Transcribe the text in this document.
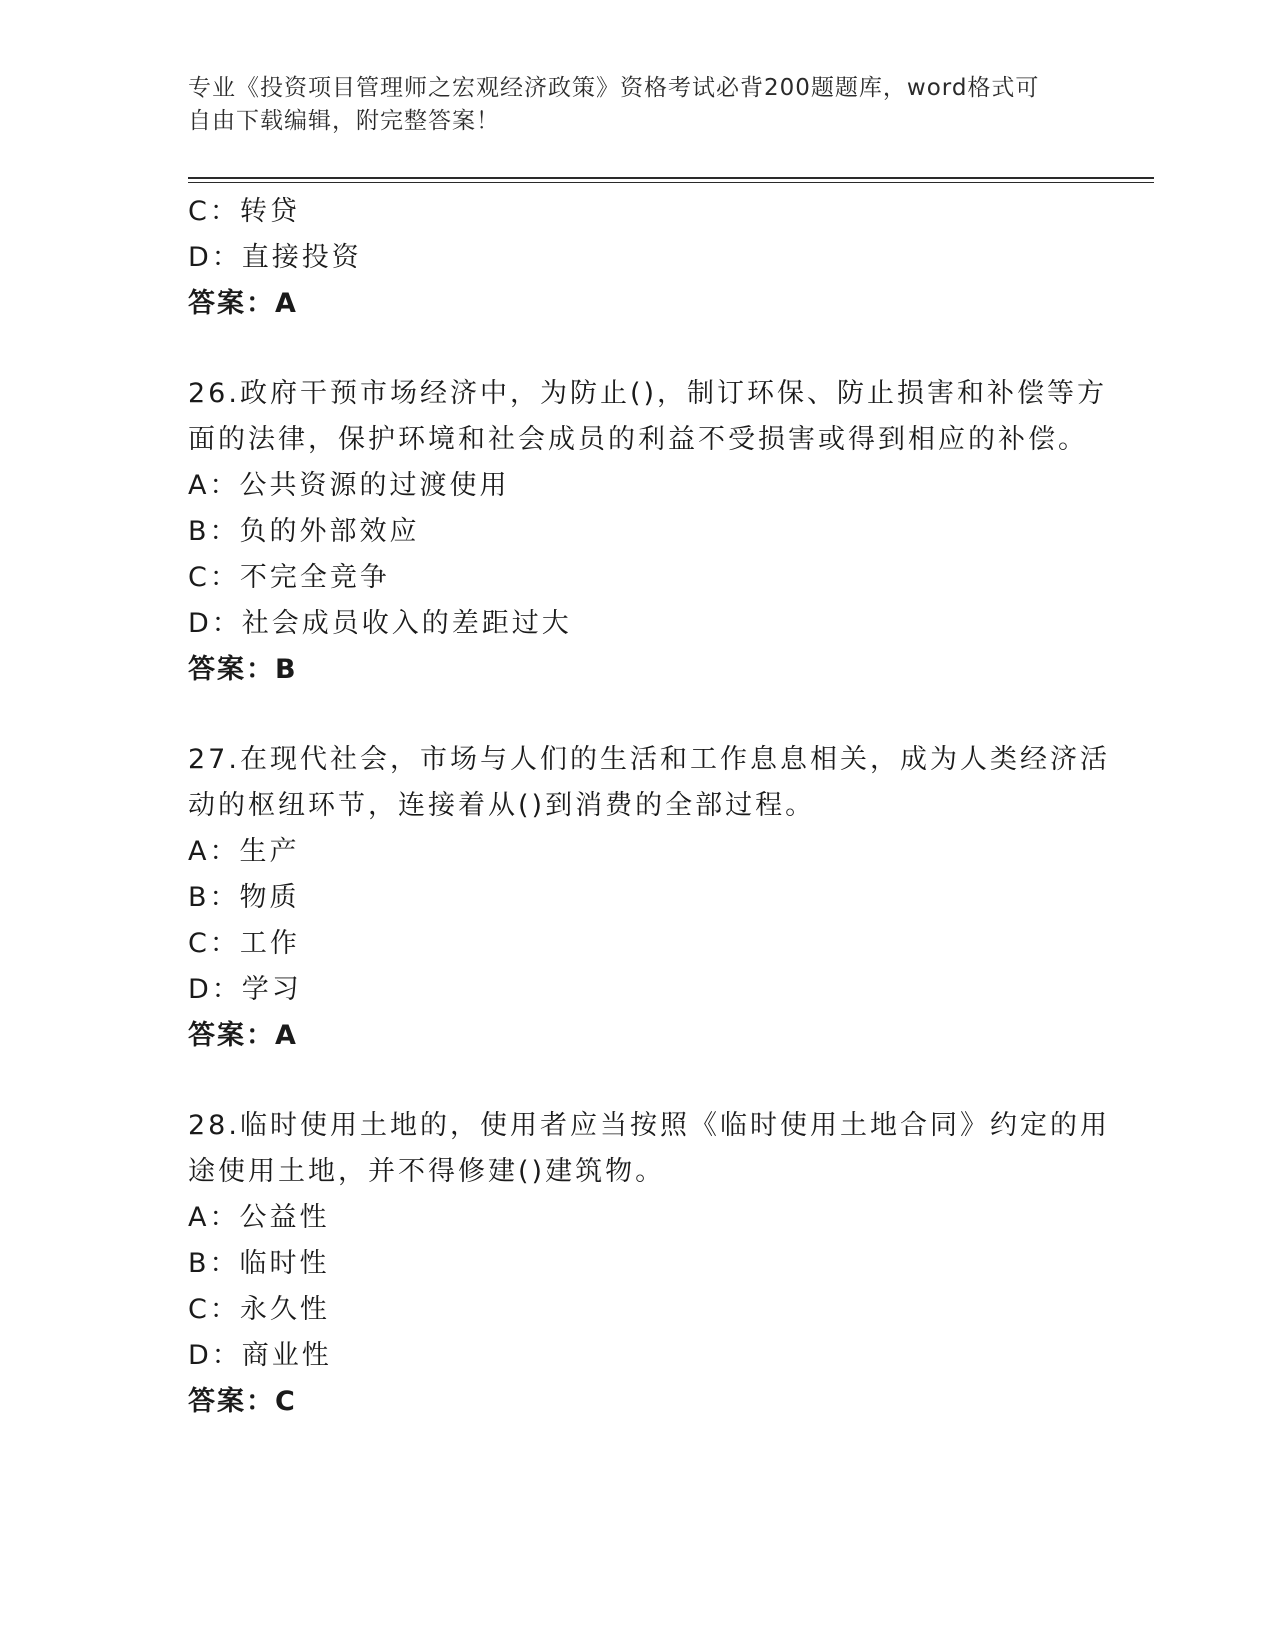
专业《投资项目管理师之宏观经济政策》资格考试必背200题题库，word格式可
自由下载编辑，附完整答案！
C：转贷
D：直接投资
答案：A
26.政府干预市场经济中，为防止()，制订环保、防止损害和补偿等方
面的法律，保护环境和社会成员的利益不受损害或得到相应的补偿。
A：公共资源的过渡使用
B：负的外部效应
C：不完全竞争
D：社会成员收入的差距过大
答案：B
27.在现代社会，市场与人们的生活和工作息息相关，成为人类经济活
动的枢纽环节，连接着从()到消费的全部过程。
A：生产
B：物质
C：工作
D：学习
答案：A
28.临时使用土地的，使用者应当按照《临时使用土地合同》约定的用
途使用土地，并不得修建()建筑物。
A：公益性
B：临时性
C：永久性
D：商业性
答案：C
